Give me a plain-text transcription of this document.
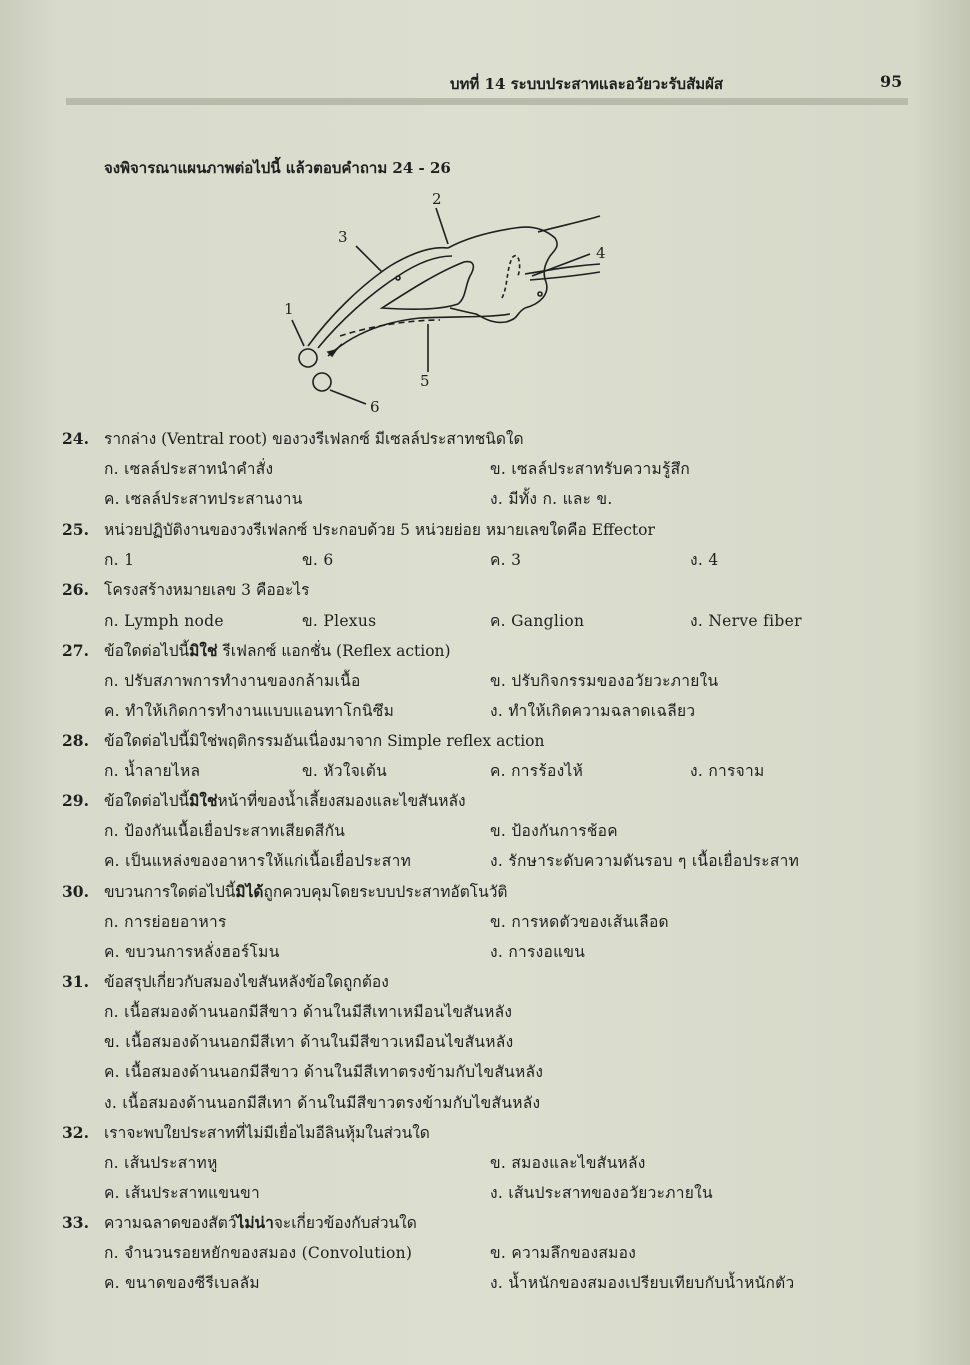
บทที่ 14 ระบบประสาทและอวัยวะรับสัมผัส	95
จงพิจารณาแผนภาพต่อไปนี้ แล้วตอบคำถาม 24 - 26
1
2
3
4
5
6
24. รากล่าง (Ventral root) ของวงรีเฟลกซ์ มีเซลล์ประสาทชนิดใด
ก. เซลล์ประสาทนำคำสั่ง	ข. เซลล์ประสาทรับความรู้สึก
ค. เซลล์ประสาทประสานงาน	ง. มีทั้ง ก. และ ข.
25. หน่วยปฏิบัติงานของวงรีเฟลกซ์ ประกอบด้วย 5 หน่วยย่อย หมายเลขใดคือ Effector
ก. 1	ข. 6	ค. 3	ง. 4
26. โครงสร้างหมายเลข 3 คืออะไร
ก. Lymph node	ข. Plexus	ค. Ganglion	ง. Nerve fiber
27. ข้อใดต่อไปนี้มิใช่ รีเฟลกซ์ แอกชั่น (Reflex action)
ก. ปรับสภาพการทำงานของกล้ามเนื้อ	ข. ปรับกิจกรรมของอวัยวะภายใน
ค. ทำให้เกิดการทำงานแบบแอนทาโกนิซึม	ง. ทำให้เกิดความฉลาดเฉลียว
28. ข้อใดต่อไปนี้มิใช่พฤติกรรมอันเนื่องมาจาก Simple reflex action
ก. น้ำลายไหล	ข. หัวใจเต้น	ค. การร้องไห้	ง. การจาม
29. ข้อใดต่อไปนี้มิใช่หน้าที่ของน้ำเลี้ยงสมองและไขสันหลัง
ก. ป้องกันเนื้อเยื่อประสาทเสียดสีกัน	ข. ป้องกันการช้อค
ค. เป็นแหล่งของอาหารให้แก่เนื้อเยื่อประสาท	ง. รักษาระดับความดันรอบ ๆ เนื้อเยื่อประสาท
30. ขบวนการใดต่อไปนี้มิได้ถูกควบคุมโดยระบบประสาทอัตโนวัติ
ก. การย่อยอาหาร	ข. การหดตัวของเส้นเลือด
ค. ขบวนการหลั่งฮอร์โมน	ง. การงอแขน
31. ข้อสรุปเกี่ยวกับสมองไขสันหลังข้อใดถูกต้อง
ก. เนื้อสมองด้านนอกมีสีขาว ด้านในมีสีเทาเหมือนไขสันหลัง
ข. เนื้อสมองด้านนอกมีสีเทา ด้านในมีสีขาวเหมือนไขสันหลัง
ค. เนื้อสมองด้านนอกมีสีขาว ด้านในมีสีเทาตรงข้ามกับไขสันหลัง
ง. เนื้อสมองด้านนอกมีสีเทา ด้านในมีสีขาวตรงข้ามกับไขสันหลัง
32. เราจะพบใยประสาทที่ไม่มีเยื่อไมอีลินหุ้มในส่วนใด
ก. เส้นประสาทหู	ข. สมองและไขสันหลัง
ค. เส้นประสาทแขนขา	ง. เส้นประสาทของอวัยวะภายใน
33. ความฉลาดของสัตว์ไม่น่าจะเกี่ยวข้องกับส่วนใด
ก. จำนวนรอยหยักของสมอง (Convolution)	ข. ความลึกของสมอง
ค. ขนาดของซีรีเบลลัม	ง. น้ำหนักของสมองเปรียบเทียบกับน้ำหนักตัว
